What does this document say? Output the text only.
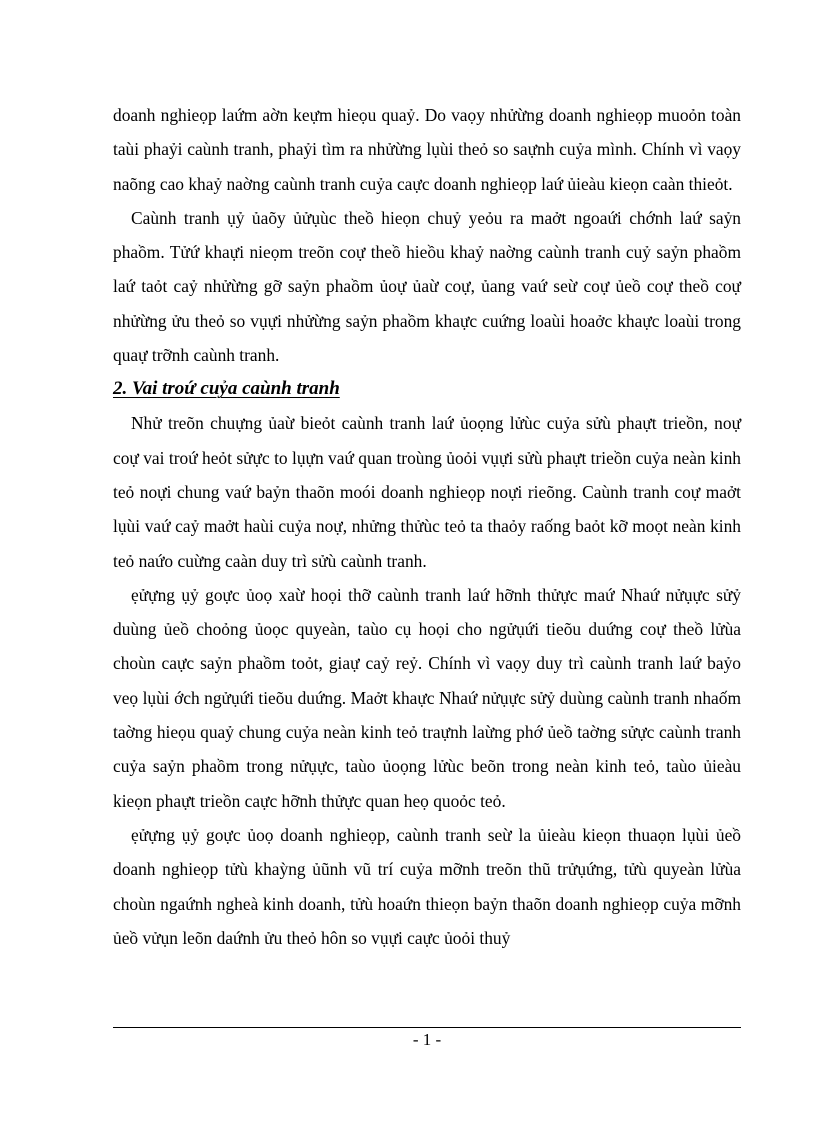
doanh nghieọp laứm aờn keựm hieọu quaỷ. Do vaọy nhửừng doanh nghieọp muoỏn toàn taùi phaỷi caùnh tranh, phaỷi tìm ra nhửừng lụùi theỏ so saựnh cuỷa mình. Chính vì vaọy naõng cao khaỷ naờng caùnh tranh cuỷa caực doanh nghieọp laứ ủieàu kieọn caàn thieỏt.

Caùnh tranh ụỷ ủaõy ủửụùc theồ hieọn chuỷ yeỏu ra maởt ngoaứi chớnh laứ saỷn phaồm. Tửứ khaựi nieọm treõn coự theồ hieồu khaỷ naờng caùnh tranh cuỷ saỷn phaồm laứ taỏt caỷ nhửừng gỡ saỷn phaồm ủoự ủaừ coự, ủang vaứ seừ coự ủeồ coự theồ coự nhửừng ửu theỏ so vụựi nhửừng saỷn phaồm khaực cuứng loaùi hoaởc khaực loaùi trong quaự trỡnh caùnh tranh.

2. Vai troứ cuỷa caùnh tranh

Nhử treõn chuựng ủaừ bieỏt caùnh tranh laứ ủoọng lửùc cuỷa sửù phaựt trieồn, noự coự vai troứ heỏt sửực to lụựn vaứ quan troùng ủoỏi vụựi sửù phaựt trieồn cuỷa neàn kinh teỏ noựi chung vaứ baỷn thaõn moói doanh nghieọp noựi rieõng. Caùnh tranh coự maởt lụùi vaứ caỷ maởt haùi cuỷa noự, nhửng thửùc teỏ ta thaỏy raống baỏt kỡ moọt neàn kinh teỏ naứo cuừng caàn duy trì sửù caùnh tranh.

ẹửựng ụỷ goực ủoọ xaừ hoọi thỡ caùnh tranh laứ hỡnh thửực maứ Nhaứ nửụực sửỷ duùng ủeồ choỏng ủoọc quyeàn, taùo cụ hoọi cho ngửụứi tieõu duứng coự theồ lửùa choùn caực saỷn phaồm toỏt, giaự caỷ reỷ. Chính vì vaọy duy trì caùnh tranh laứ baỷo veọ lụùi ớch ngửụứi tieõu duứng. Maởt khaực Nhaứ nửụực sửỷ duùng caùnh tranh nhaốm taờng hieọu quaỷ chung cuỷa neàn kinh teỏ traựnh laừng phớ ủeồ taờng sửực caùnh tranh cuỷa saỷn phaồm trong nửụực, taùo ủoọng lửùc beõn trong neàn kinh teỏ, taùo ủieàu kieọn phaựt trieồn caực hỡnh thửực quan heọ quoỏc teỏ.

ẹửựng ụỷ goực ủoọ doanh nghieọp, caùnh tranh seừ la ủieàu kieọn thuaọn lụùi ủeồ doanh nghieọp tửù khaỳng ủũnh vũ trí cuỷa mỡnh treõn thũ trửụứng, tửù quyeàn lửùa choùn ngaứnh ngheà kinh doanh, tửù hoaứn thieọn baỷn thaõn doanh nghieọp cuỷa mỡnh ủeồ vửụn leõn daứnh ửu theỏ hôn so vụựi caực ủoỏi thuỷ

- 1 -
